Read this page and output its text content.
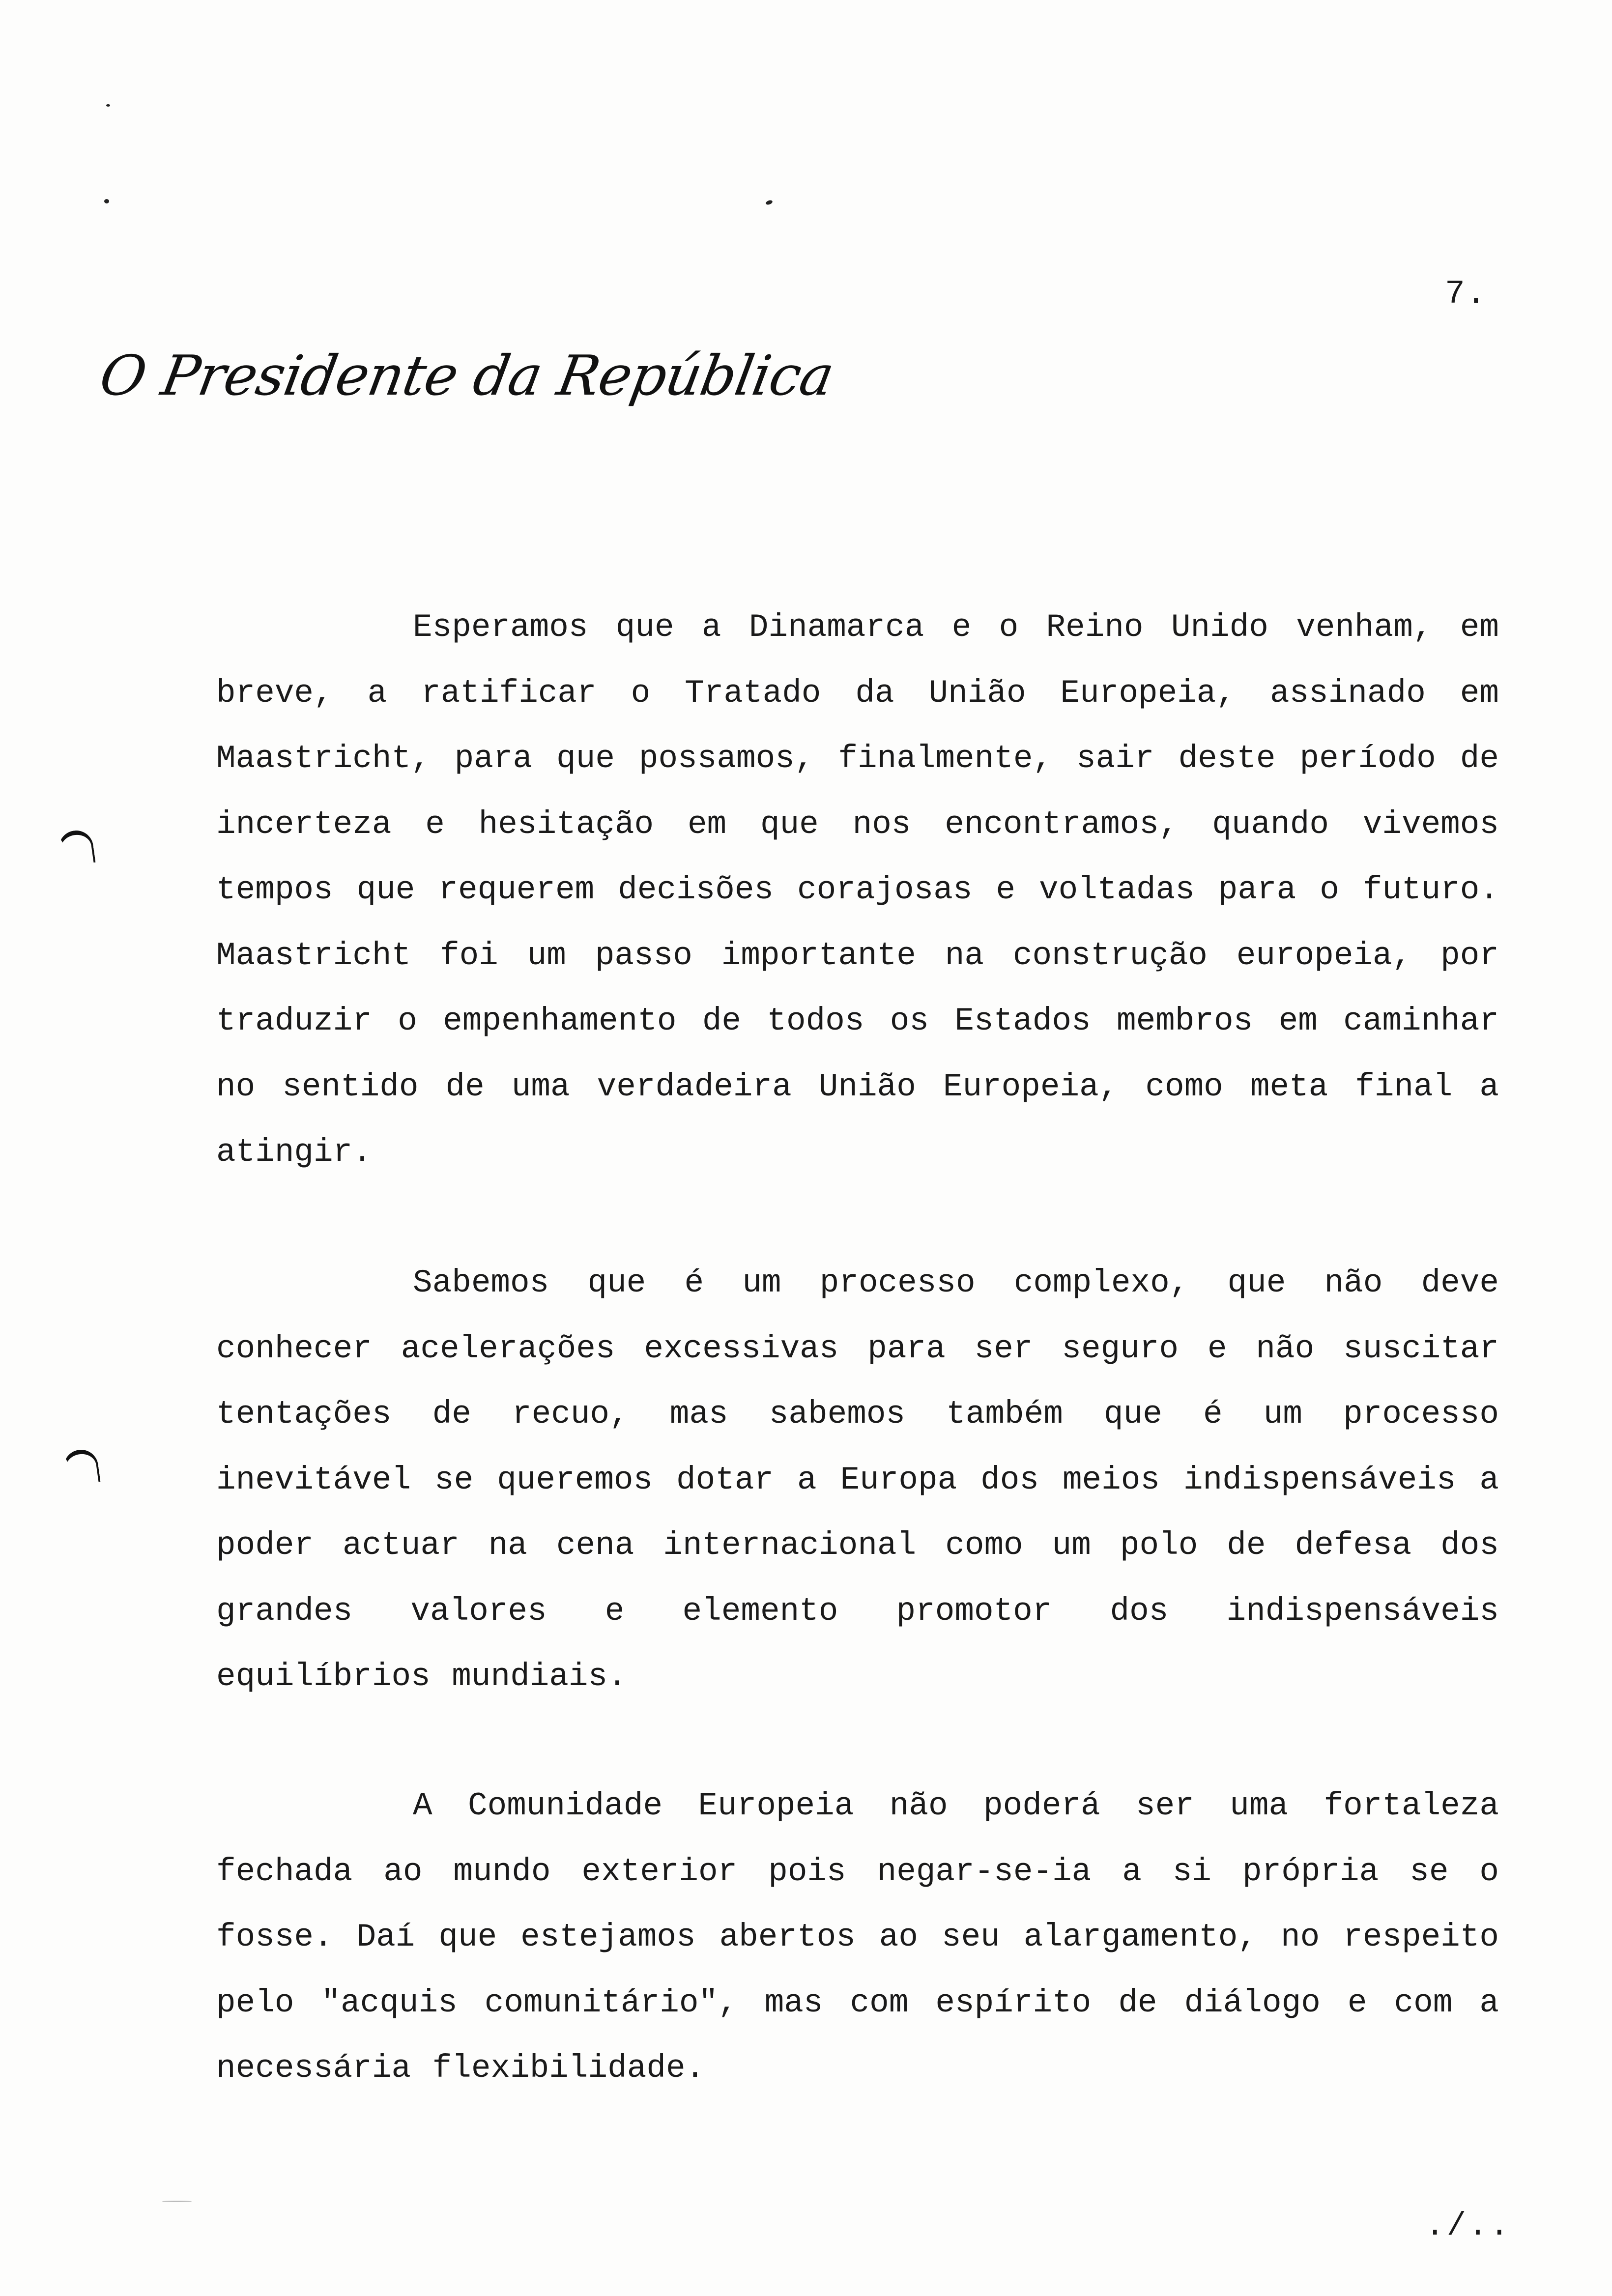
7.
O Presidente da República

Esperamos que a Dinamarca e o Reino Unido venham, em breve, a ratificar o Tratado da União Europeia, assinado em Maastricht, para que possamos, finalmente, sair deste período de incerteza e hesitação em que nos encontramos, quando vivemos tempos que requerem decisões corajosas e voltadas para o futuro. Maastricht foi um passo importante na construção europeia, por traduzir o empenhamento de todos os Estados membros em caminhar no sentido de uma verdadeira União Europeia, como meta final a atingir.

Sabemos que é um processo complexo, que não deve conhecer acelerações excessivas para ser seguro e não suscitar tentações de recuo, mas sabemos também que é um processo inevitável se queremos dotar a Europa dos meios indispensáveis a poder actuar na cena internacional como um polo de defesa dos grandes valores e elemento promotor dos indispensáveis equilíbrios mundiais.

A Comunidade Europeia não poderá ser uma fortaleza fechada ao mundo exterior pois negar-se-ia a si própria se o fosse. Daí que estejamos abertos ao seu alargamento, no respeito pelo "acquis comunitário", mas com espírito de diálogo e com a necessária flexibilidade.

./..
